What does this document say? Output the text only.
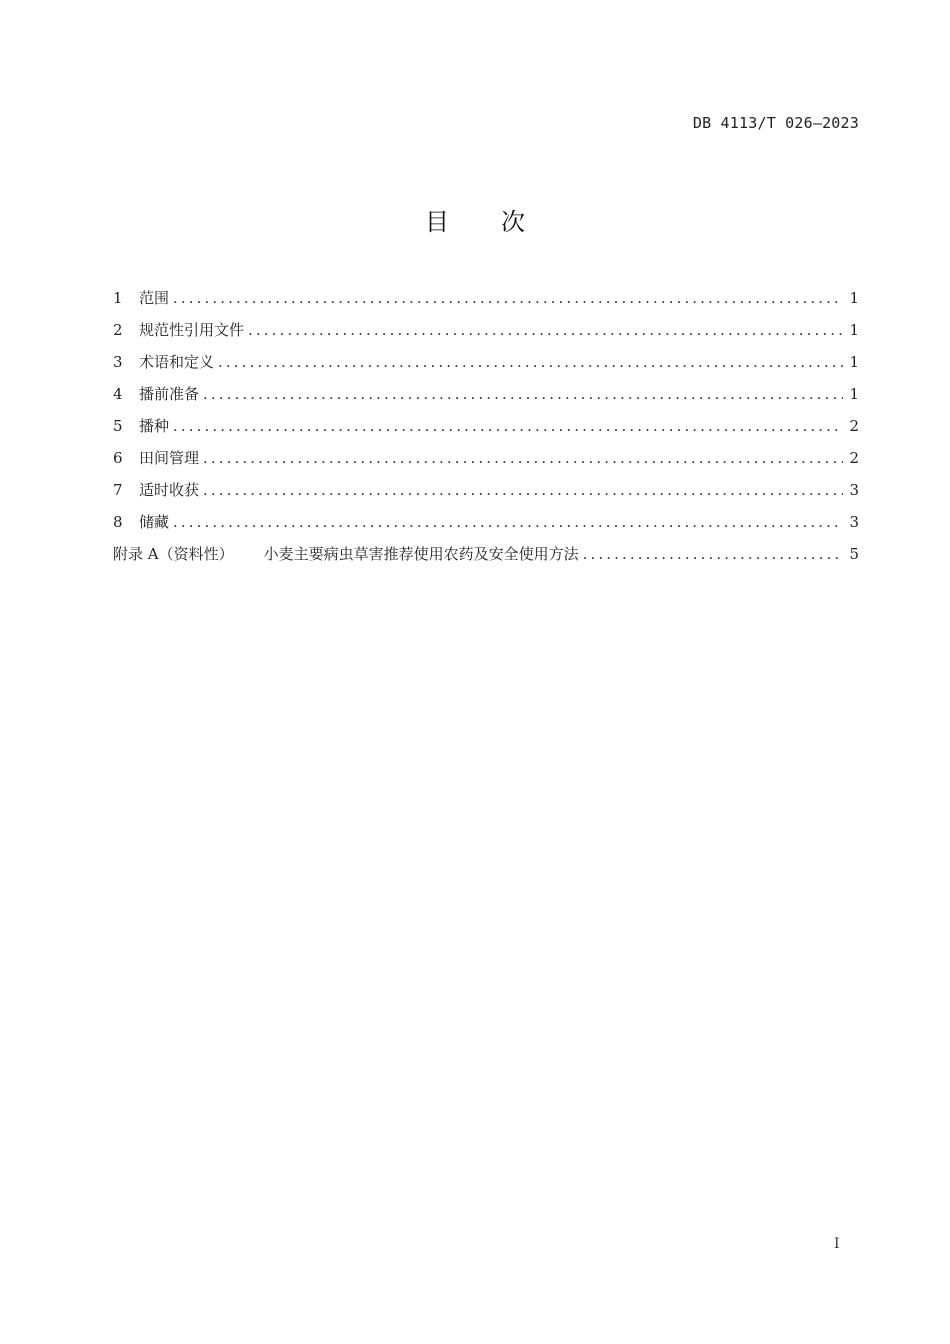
DB 4113/T 026—2023
目 次
1	范围 .....	1
2	规范性引用文件 .....	1
3	术语和定义 .....	1
4	播前准备 .....	1
5	播种 .....	2
6	田间管理 .....	2
7	适时收获 .....	3
8	储藏 .....	3
附录 A（资料性） 小麦主要病虫草害推荐使用农药及安全使用方法 .....	5
I
